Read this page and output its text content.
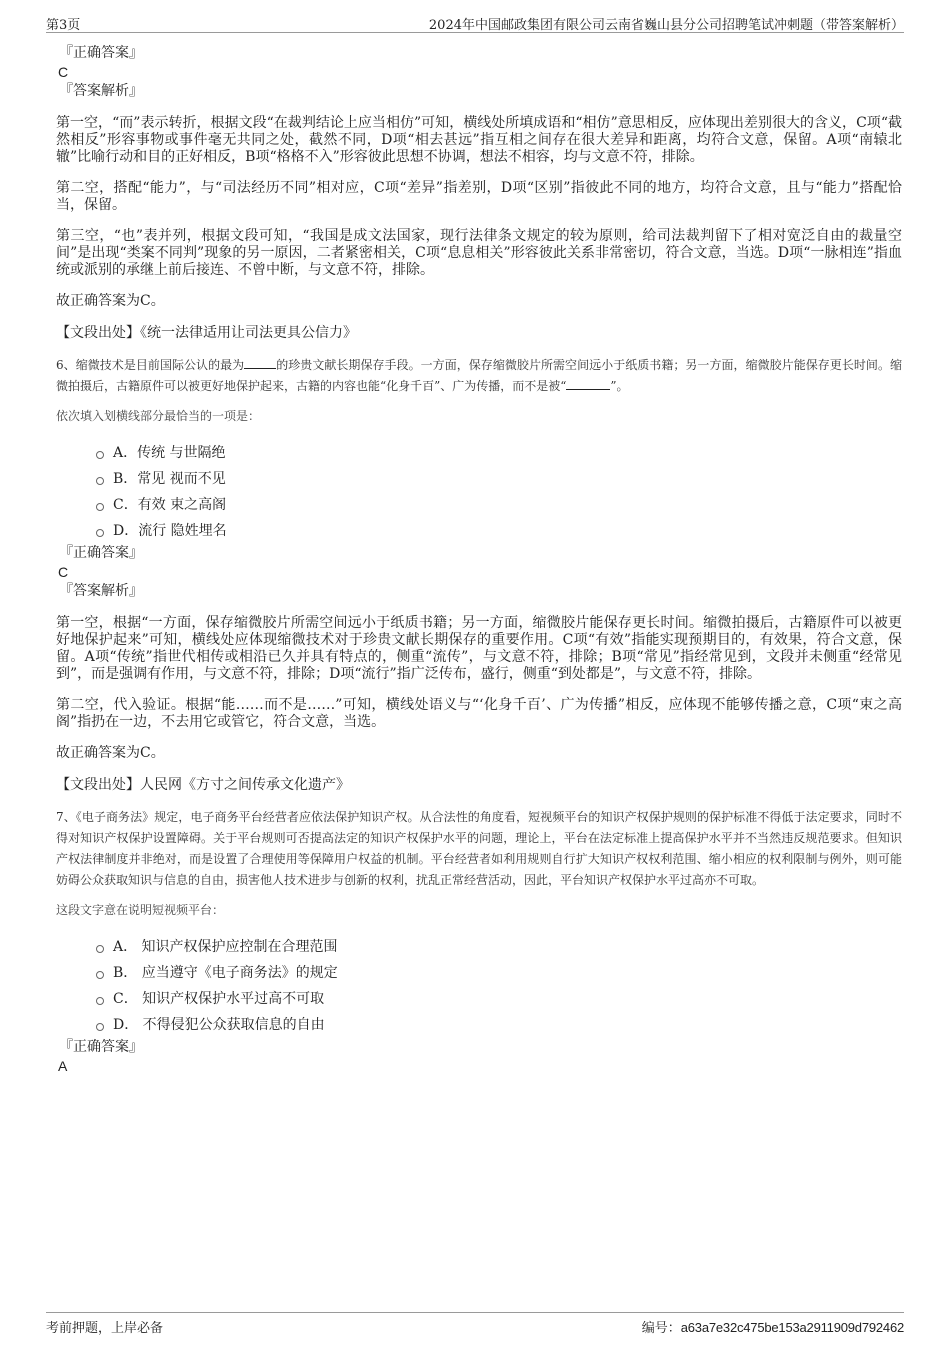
第3页	2024年中国邮政集团有限公司云南省巍山县分公司招聘笔试冲刺题（带答案解析）
『正确答案』
C
『答案解析』

第一空，“而”表示转折，根据文段“在裁判结论上应当相仿”可知，横线处所填成语和“相仿”意思相反，应体现出差别很大的含义，C项“截然相反”形容事物或事件毫无共同之处，截然不同，D项“相去甚远”指互相之间存在很大差异和距离，均符合文意，保留。A项“南辕北辙”比喻行动和目的正好相反，B项“格格不入”形容彼此思想不协调，想法不相容，均与文意不符，排除。

第二空，搭配“能力”，与“司法经历不同”相对应，C项“差异”指差别，D项“区别”指彼此不同的地方，均符合文意，且与“能力”搭配恰当，保留。

第三空，“也”表并列，根据文段可知，“我国是成文法国家，现行法律条文规定的较为原则，给司法裁判留下了相对宽泛自由的裁量空间”是出现“类案不同判”现象的另一原因，二者紧密相关，C项“息息相关”形容彼此关系非常密切，符合文意，当选。D项“一脉相连”指血统或派别的承继上前后接连、不曾中断，与文意不符，排除。

故正确答案为C。

【文段出处】《统一法律适用让司法更具公信力》

6、缩微技术是目前国际公认的最为	的珍贵文献长期保存手段。一方面，保存缩微胶片所需空间远小于纸质书籍；另一方面，缩微胶片能保存更长时间。缩微拍摄后，古籍原件可以被更好地保护起来，古籍的内容也能“化身千百”、广为传播，而不是被“	”。

依次填入划横线部分最恰当的一项是：

A．传统 与世隔绝
B．常见 视而不见
C．有效 束之高阁
D．流行 隐姓埋名
『正确答案』
C
『答案解析』

第一空，根据“一方面，保存缩微胶片所需空间远小于纸质书籍；另一方面，缩微胶片能保存更长时间。缩微拍摄后，古籍原件可以被更好地保护起来”可知，横线处应体现缩微技术对于珍贵文献长期保存的重要作用。C项“有效”指能实现预期目的，有效果，符合文意，保留。A项“传统”指世代相传或相沿已久并具有特点的，侧重“流传”，与文意不符，排除；B项“常见”指经常见到，文段并未侧重“经常见到”，而是强调有作用，与文意不符，排除；D项“流行”指广泛传布，盛行，侧重“到处都是”，与文意不符，排除。

第二空，代入验证。根据“能……而不是……”可知，横线处语义与“‘化身千百’、广为传播”相反，应体现不能够传播之意，C项“束之高阁”指扔在一边，不去用它或管它，符合文意，当选。

故正确答案为C。

【文段出处】人民网《方寸之间传承文化遗产》

7、《电子商务法》规定，电子商务平台经营者应依法保护知识产权。从合法性的角度看，短视频平台的知识产权保护规则的保护标准不得低于法定要求，同时不得对知识产权保护设置障碍。关于平台规则可否提高法定的知识产权保护水平的问题，理论上，平台在法定标准上提高保护水平并不当然违反规范要求。但知识产权法律制度并非绝对，而是设置了合理使用等保障用户权益的机制。平台经营者如利用规则自行扩大知识产权权利范围、缩小相应的权利限制与例外，则可能妨碍公众获取知识与信息的自由，损害他人技术进步与创新的权利，扰乱正常经营活动，因此，平台知识产权保护水平过高亦不可取。

这段文字意在说明短视频平台：

A． 知识产权保护应控制在合理范围
B． 应当遵守《电子商务法》的规定
C． 知识产权保护水平过高不可取
D． 不得侵犯公众获取信息的自由
『正确答案』
A
考前押题，上岸必备	编号：a63a7e32c475be153a2911909d792462
